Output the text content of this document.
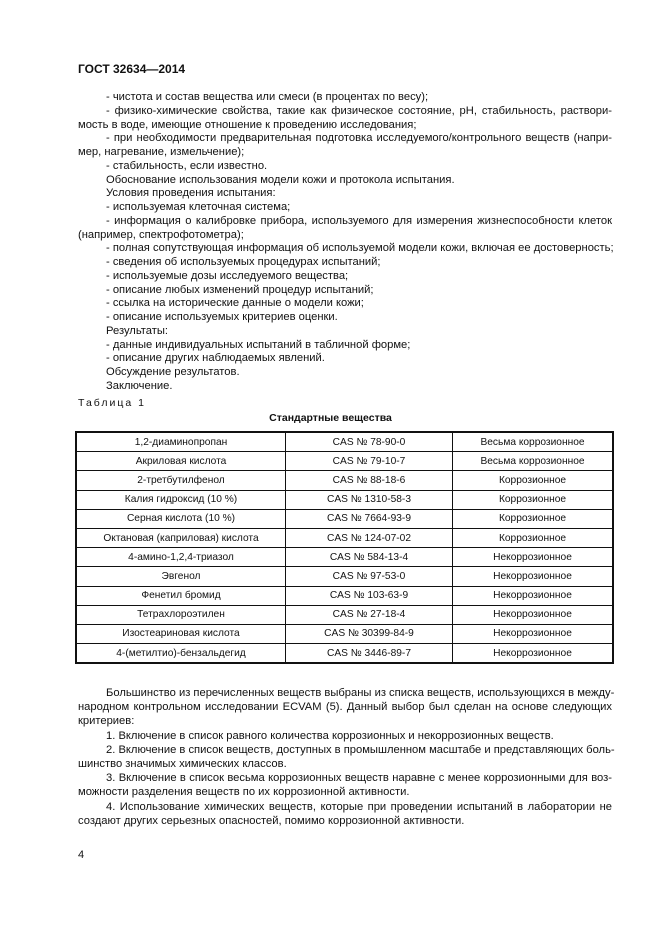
ГОСТ 32634—2014
- чистота и состав вещества или смеси (в процентах по весу);
- физико-химические свойства, такие как физическое состояние, pH, стабильность, раствори-
мость в воде, имеющие отношение к проведению исследования;
- при необходимости предварительная подготовка исследуемого/контрольного веществ (напри-
мер, нагревание, измельчение);
- стабильность, если известно.
Обоснование использования модели кожи и протокола испытания.
Условия проведения испытания:
- используемая клеточная система;
- информация о калибровке прибора, используемого для измерения жизнеспособности клеток
(например, спектрофотометра);
- полная сопутствующая информация об используемой модели кожи, включая ее достоверность;
- сведения об используемых процедурах испытаний;
- используемые дозы исследуемого вещества;
- описание любых изменений процедур испытаний;
- ссылка на исторические данные о модели кожи;
- описание используемых критериев оценки.
Результаты:
- данные индивидуальных испытаний в табличной форме;
- описание других наблюдаемых явлений.
Обсуждение результатов.
Заключение.
Таблица 1
Стандартные вещества
1,2-диаминопропан	CAS № 78-90-0	Весьма коррозионное
Акриловая кислота	CAS № 79-10-7	Весьма коррозионное
2-третбутилфенол	CAS № 88-18-6	Коррозионное
Калия гидроксид (10 %)	CAS № 1310-58-3	Коррозионное
Серная кислота (10 %)	CAS № 7664-93-9	Коррозионное
Октановая (каприловая) кислота	CAS № 124-07-02	Коррозионное
4-амино-1,2,4-триазол	CAS № 584-13-4	Некоррозионное
Эвгенол	CAS № 97-53-0	Некоррозионное
Фенетил бромид	CAS № 103-63-9	Некоррозионное
Тетрахлороэтилен	CAS № 27-18-4	Некоррозионное
Изостеариновая кислота	CAS № 30399-84-9	Некоррозионное
4-(метилтио)-бензальдегид	CAS № 3446-89-7	Некоррозионное
Большинство из перечисленных веществ выбраны из списка веществ, использующихся в между-
народном контрольном исследовании ECVAM (5). Данный выбор был сделан на основе следующих
критериев:
1. Включение в список равного количества коррозионных и некоррозионных веществ.
2. Включение в список веществ, доступных в промышленном масштабе и представляющих боль-
шинство значимых химических классов.
3. Включение в список весьма коррозионных веществ наравне с менее коррозионными для воз-
можности разделения веществ по их коррозионной активности.
4. Использование химических веществ, которые при проведении испытаний в лаборатории не
создают других серьезных опасностей, помимо коррозионной активности.
4
